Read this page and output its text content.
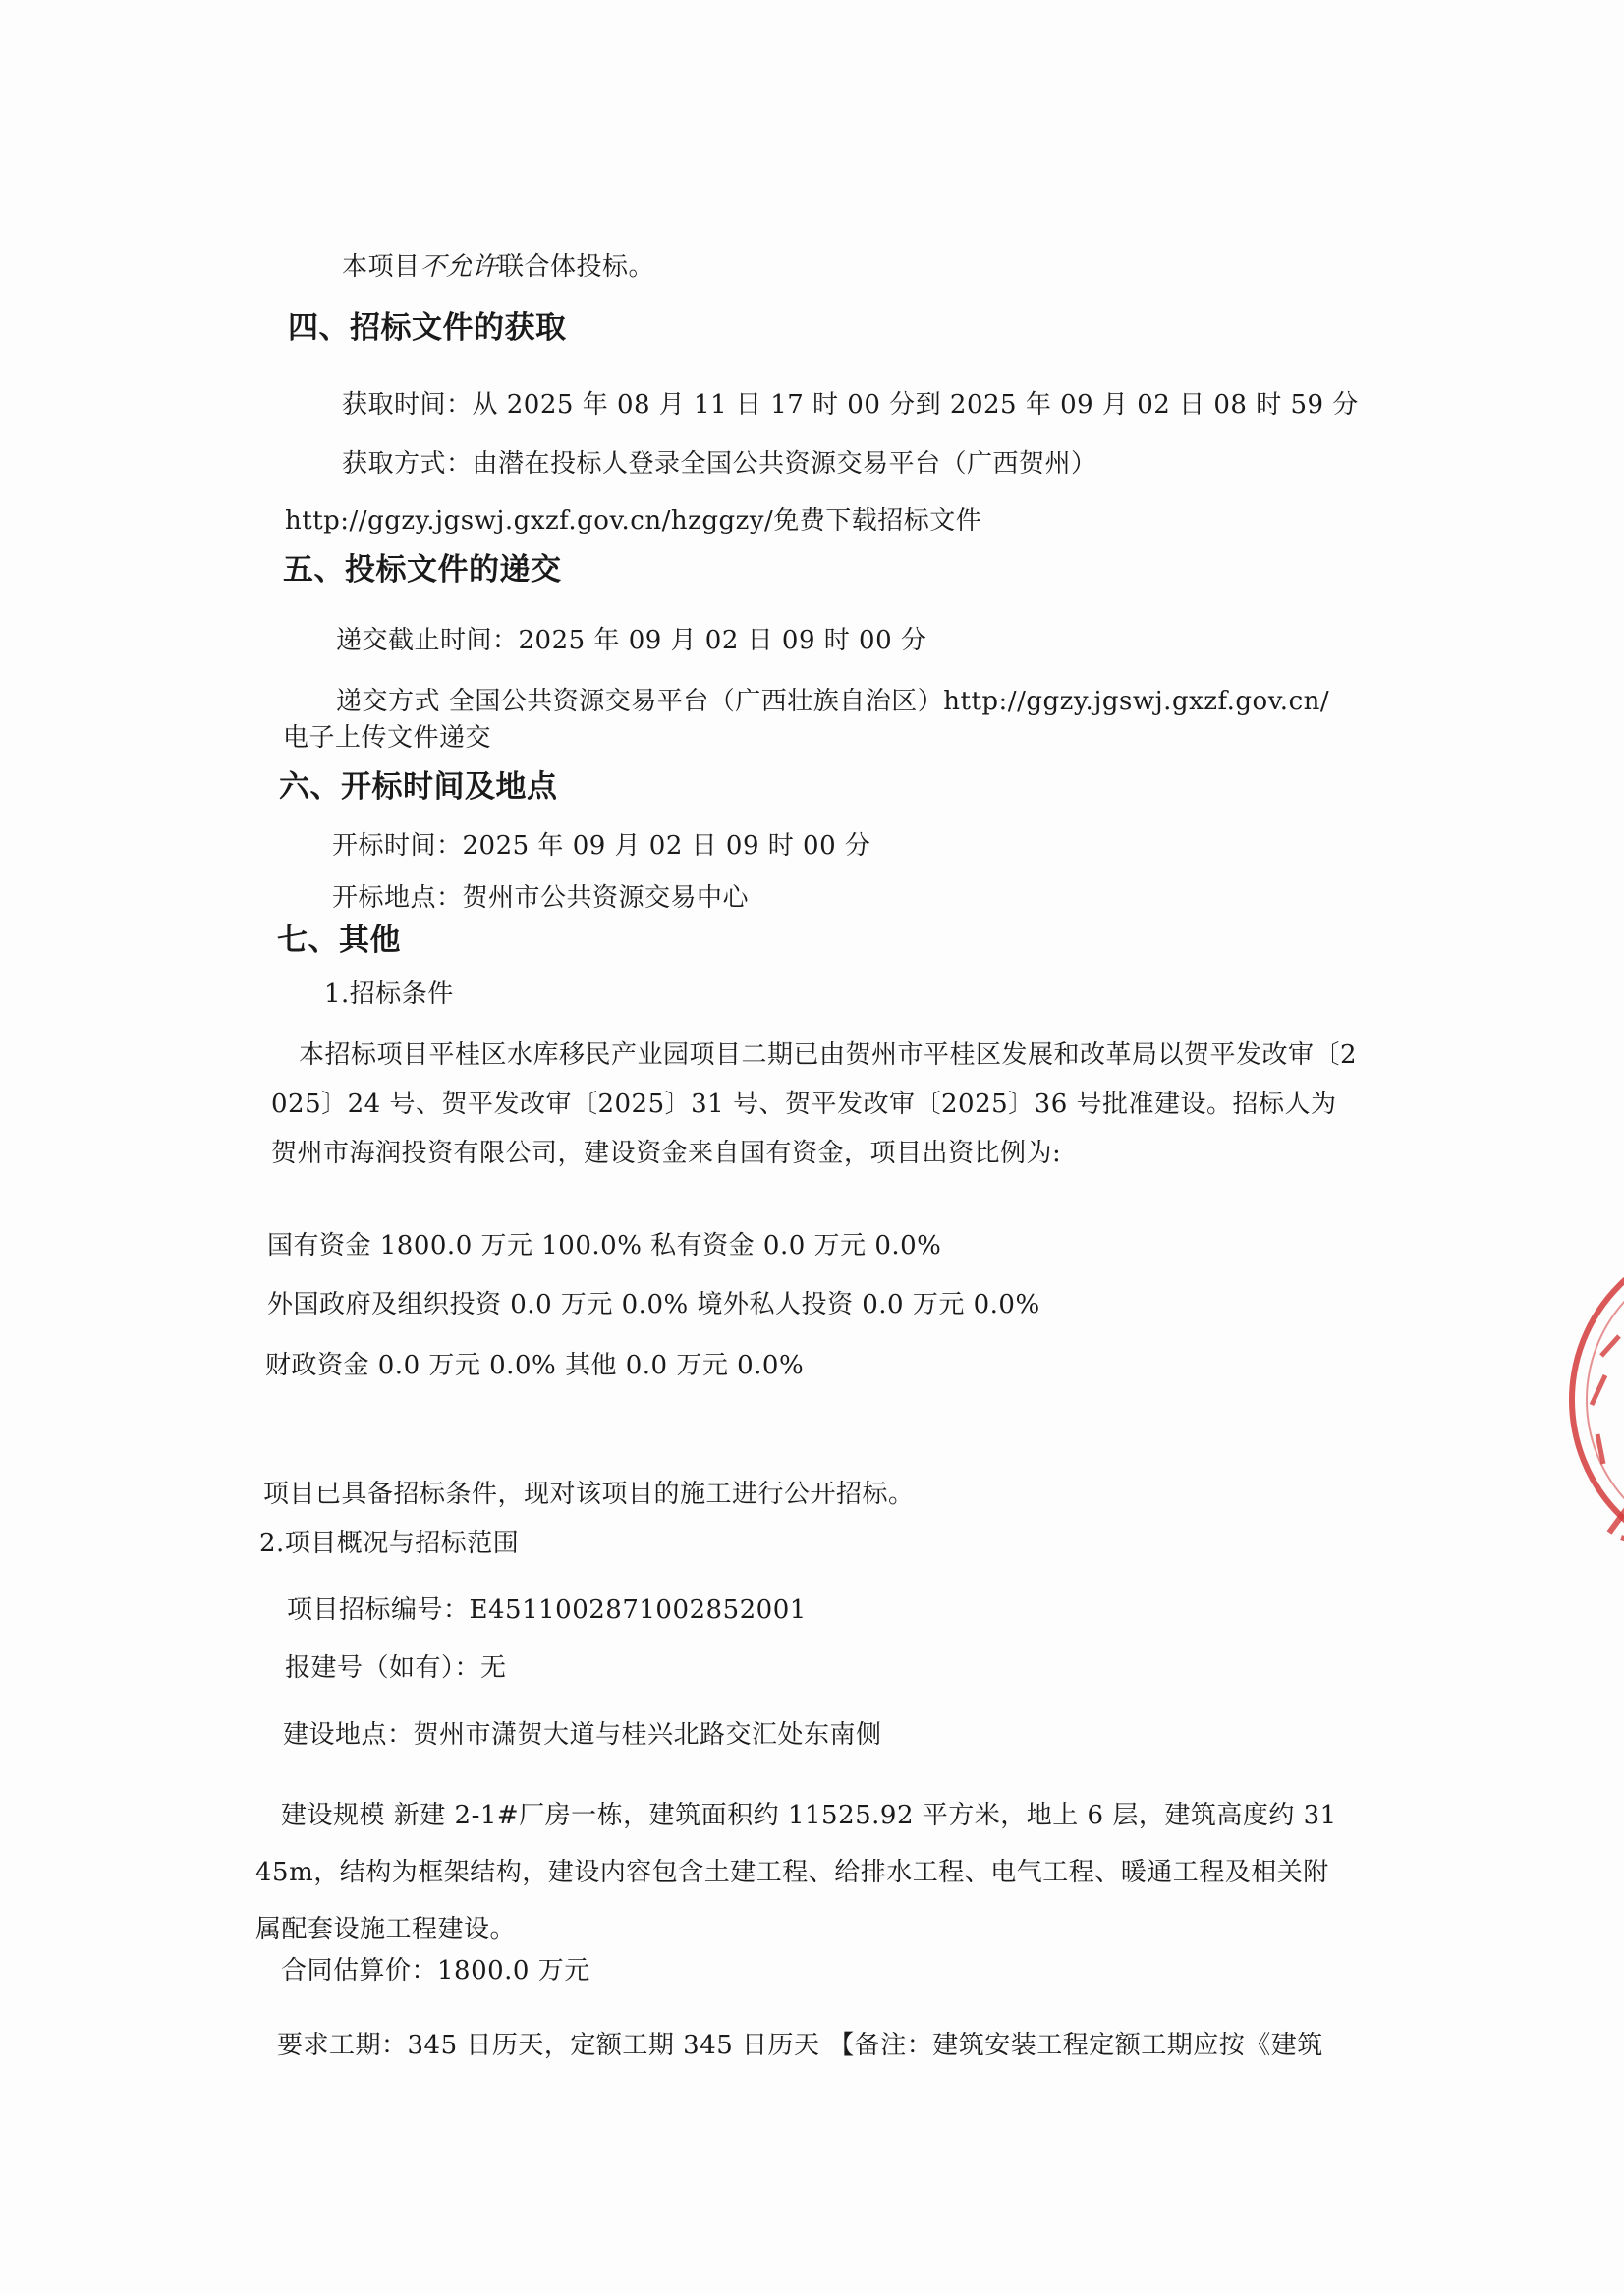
本项目不允许联合体投标。
四、招标文件的获取
获取时间：从 2025 年 08 月 11 日 17 时 00 分到 2025 年 09 月 02 日 08 时 59 分
获取方式：由潜在投标人登录全国公共资源交易平台（广西贺州）
http://ggzy.jgswj.gxzf.gov.cn/hzggzy/免费下载招标文件
五、投标文件的递交
递交截止时间：2025 年 09 月 02 日 09 时 00 分
递交方式 全国公共资源交易平台（广西壮族自治区）http://ggzy.jgswj.gxzf.gov.cn/
电子上传文件递交
六、开标时间及地点
开标时间：2025 年 09 月 02 日 09 时 00 分
开标地点：贺州市公共资源交易中心
七、其他
1.招标条件
本招标项目平桂区水库移民产业园项目二期已由贺州市平桂区发展和改革局以贺平发改审〔2025〕24 号、贺平发改审〔2025〕31 号、贺平发改审〔2025〕36 号批准建设。招标人为贺州市海润投资有限公司，建设资金来自国有资金，项目出资比例为:
国有资金 1800.0 万元 100.0% 私有资金 0.0 万元 0.0%
外国政府及组织投资 0.0 万元 0.0% 境外私人投资 0.0 万元 0.0%
财政资金 0.0 万元 0.0% 其他 0.0 万元 0.0%
项目已具备招标条件，现对该项目的施工进行公开招标。
2.项目概况与招标范围
项目招标编号：E4511002871002852001
报建号（如有）：无
建设地点：贺州市潇贺大道与桂兴北路交汇处东南侧
建设规模 新建 2-1#厂房一栋，建筑面积约 11525.92 平方米，地上 6 层，建筑高度约 3145m，结构为框架结构，建设内容包含土建工程、给排水工程、电气工程、暖通工程及相关附属配套设施工程建设。
合同估算价：1800.0 万元
要求工期：345 日历天，定额工期 345 日历天 【备注：建筑安装工程定额工期应按《建筑
